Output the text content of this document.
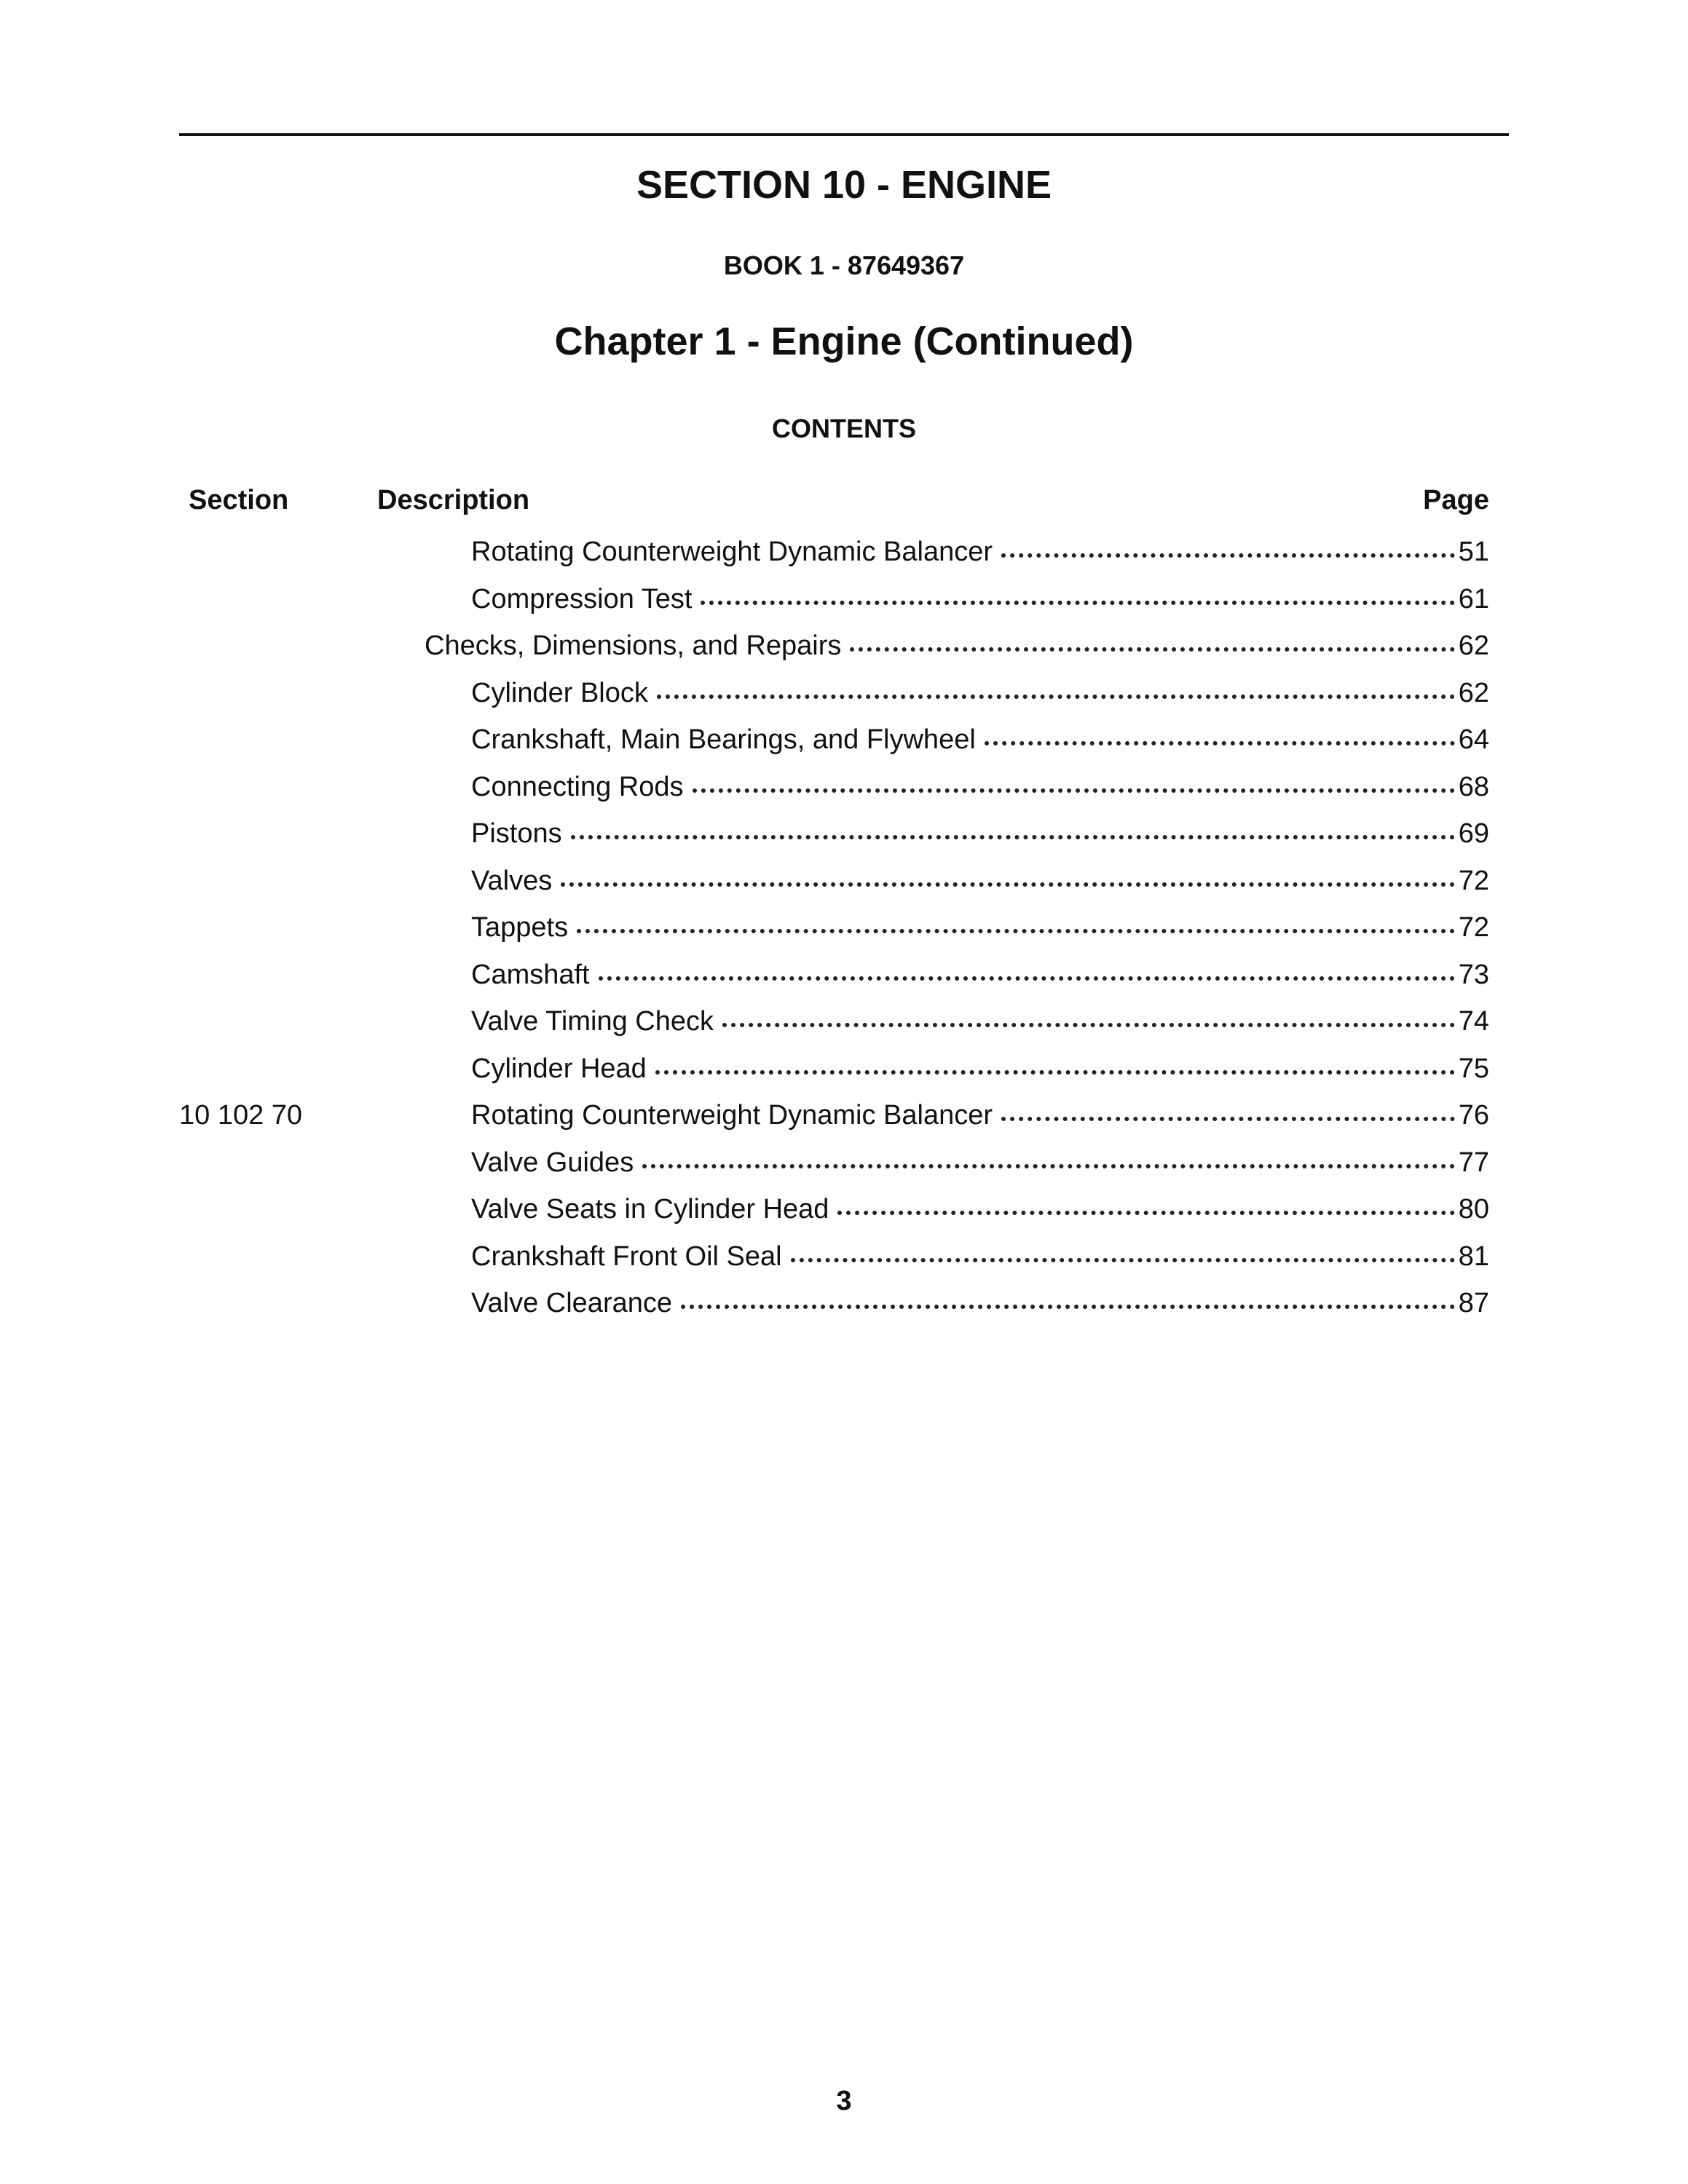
SECTION 10 - ENGINE
BOOK 1 - 87649367
Chapter 1 - Engine (Continued)
CONTENTS
Section	Description	Page
Rotating Counterweight Dynamic Balancer	51
Compression Test	61
Checks, Dimensions, and Repairs	62
Cylinder Block	62
Crankshaft, Main Bearings, and Flywheel	64
Connecting Rods	68
Pistons	69
Valves	72
Tappets	72
Camshaft	73
Valve Timing Check	74
Cylinder Head	75
10 102 70	Rotating Counterweight Dynamic Balancer	76
Valve Guides	77
Valve Seats in Cylinder Head	80
Crankshaft Front Oil Seal	81
Valve Clearance	87
3
